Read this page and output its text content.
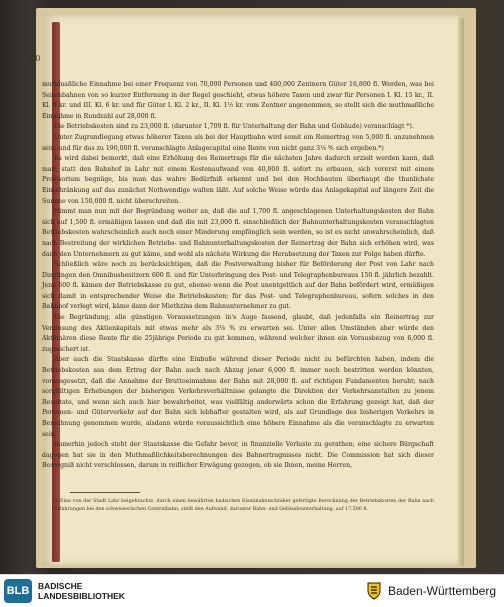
40

muthmaßliche Einnahme bei einer Frequenz von 70,000 Personen und 400,000 Zentnern Güter 16,800 fl. Werden, was bei Seitenbahnen von so kurzer Entfernung in der Regel geschieht, etwas höhere Taxen und zwar für Personen I. Kl. 15 kr., II. Kl. 9 kr. und III. Kl. 6 kr. und für Güter I. Kl. 2 kr., II. Kl. 1½ kr. vom Zentner angenommen, so stellt sich die muthmaßliche Einnahme in Rundzahl auf 28,000 fl.

Die Betriebskosten sind zu 23,000 fl. (darunter 1,709 fl. für Unterhaltung der Bahn und Gebäude) veranschlagt *).

Unter Zugrundlegung etwas höherer Taxen als bei der Hauptbahn wird somit ein Reinertrag von 5,000 fl. anzunehmen sein, und für das zu 190,000 fl. veranschlagte Anlagecapital eine Rente von nicht ganz 3⅛ % sich ergeben.*)

Es wird dabei bemerkt, daß eine Erhöhung des Reinertrags für die nächsten Jahre dadurch erzielt werden kann, daß man, statt den Bahnhof in Lahr mit einem Kostenaufwand von 40,000 fl. sofort zu erbauen, sich vorerst mit einem Provisorium begnüge, bis man das wahre Bedürfniß erkennt und bei den Hochbauten überhaupt die thunlichste Einschränkung auf das zunächst Nothwendige walten läßt. Auf solche Weise würde das Anlagekapital auf längere Zeit die Summe von 150,000 fl. nicht überschreiten.

Nimmt man nun mit der Begründung weiter an, daß die auf 1,700 fl. angeschlagenen Unterhaltungskosten der Bahn sich auf 1,500 fl. ermäßigen lassen und daß die mit 23,000 fl. einschließlich der Bahnunterhaltungskosten veranschlagten Betriebskosten wahrscheinlich auch noch einer Minderung empfänglich sein werden, so ist es nicht unwahrscheinlich, daß nach Bestreitung der wirklichen Betriebs- und Bahnunterhaltungskosten der Reinertrag der Bahn sich erhöhen wird, was dann den Unternehmern zu gut käme, und wohl als nächste Wirkung die Herabsetzung der Taxen zur Folge haben dürfte.

Schließlich wäre noch zu berücksichtigen, daß die Postverwaltung bisher für Beförderung der Post von Lahr nach Dinglingen den Omnibusbesitzern 600 fl. und für Unterbringung des Post- und Telegraphenbureaus 150 fl. jährlich bezahlt. Jene 600 fl. kämen der Betriebskasse zu gut, ebenso wenn die Post unentgeltlich auf der Bahn befördert wird, ermäßigen sich damit in entsprechender Weise die Betriebskosten; für das Post- und Telegraphenbureau, sofern solches in den Bahnhof verlegt wird, käme dann der Miethzins dem Bahnunternehmer zu gut.

Die Begründung, alle günstigen Voraussetzungen in's Auge fassend, glaubt, daß jedenfalls ein Reinertrag zur Verzinsung des Aktienkapitals mit etwas mehr als 3⅛ % zu erwarten sei. Unter allen Umständen aber würde den Aktionären diese Rente für die 25jährige Periode zu gut kommen, während welcher ihnen ein Vorausbezug von 6,000 fl. zugesichert ist.

Aber auch die Staatskasse dürfte eine Einbuße während dieser Periode nicht zu befürchten haben, indem die Betriebskosten aus dem Ertrag der Bahn auch nach Abzug jener 6,000 fl. immer noch bestritten werden könnten, vorausgesetzt, daß die Annahme der Bruttoeinnahme der Bahn mit 28,000 fl. auf richtigen Fundamenten beruht; nach sorgfältigen Erhebungen der bisherigen Verkehrsverhältnisse gelangte die Direktion der Verkehrsanstalten zu jenem Resultate, und wenn sich auch hier bewahrheitet, was vielfältig anderwärts schon die Erfahrung gezeigt hat, daß der Personen- und Güterverkehr auf der Bahn sich lebhafter gestalten wird, als auf Grundlage des bisherigen Verkehrs in Berechnung genommen wurde, alsdann würde voraussichtlich eine höhere Einnahme als die veranschlagte zu erwarten sein.

Immerhin jedoch steht der Staatskasse die Gefahr bevor, in finanzielle Verluste zu gerathen; eine sichere Bürgschaft dagegen hat sie in den Muthmaßlichkeitsberechnungen des Bahnertragnisses nicht. Die Commission hat sich dieser Besorgniß nicht verschlossen, darum in reiflicher Erwägung gezogen, ob sie Ihnen, meine Herren,

*) Eine von der Stadt Lahr beigebrachte, durch einen bewährten badischen Eisenbahntechniker gefertigte Berechnung der Betriebskosten der Bahn nach Erfahrungen bei den schweizerischen Centralbahn, stellt den Aufwand, darunter Bahn- und Gebäudeunterhaltung, auf 17,500 fl.
BLB	BADISCHE
LANDESBIBLIOTHEK	Baden-Württemberg
